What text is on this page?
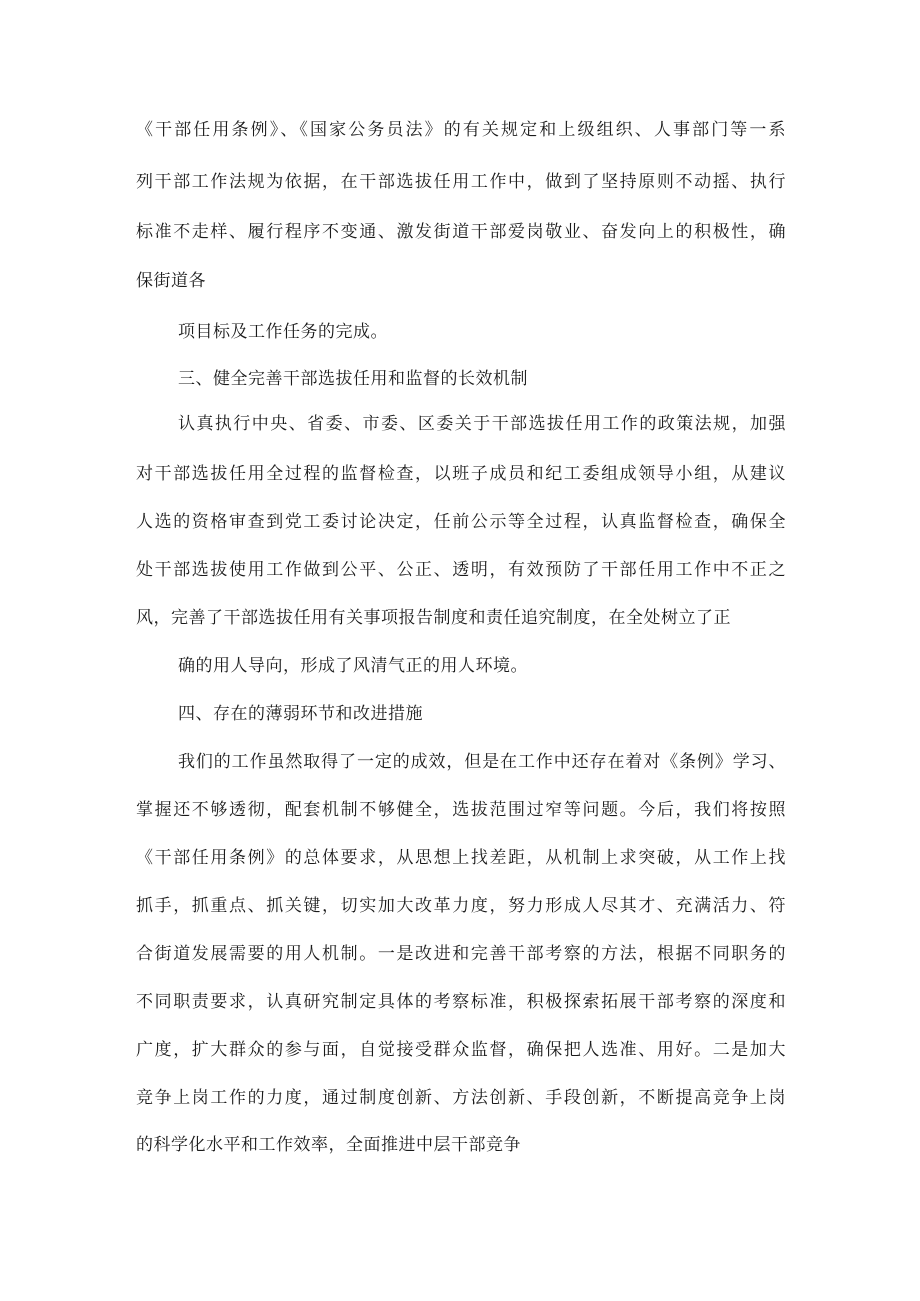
《干部任用条例》、《国家公务员法》的有关规定和上级组织、人事部门等一系
列干部工作法规为依据，在干部选拔任用工作中，做到了坚持原则不动摇、执行
标准不走样、履行程序不变通、激发街道干部爱岗敬业、奋发向上的积极性，确
保街道各
项目标及工作任务的完成。
三、健全完善干部选拔任用和监督的长效机制
认真执行中央、省委、市委、区委关于干部选拔任用工作的政策法规，加强
对干部选拔任用全过程的监督检查，以班子成员和纪工委组成领导小组，从建议
人选的资格审查到党工委讨论决定，任前公示等全过程，认真监督检查，确保全
处干部选拔使用工作做到公平、公正、透明，有效预防了干部任用工作中不正之
风，完善了干部选拔任用有关事项报告制度和责任追究制度，在全处树立了正
确的用人导向，形成了风清气正的用人环境。
四、存在的薄弱环节和改进措施
我们的工作虽然取得了一定的成效，但是在工作中还存在着对《条例》学习、
掌握还不够透彻，配套机制不够健全，选拔范围过窄等问题。今后，我们将按照
《干部任用条例》的总体要求，从思想上找差距，从机制上求突破，从工作上找
抓手，抓重点、抓关键，切实加大改革力度，努力形成人尽其才、充满活力、符
合街道发展需要的用人机制。一是改进和完善干部考察的方法，根据不同职务的
不同职责要求，认真研究制定具体的考察标准，积极探索拓展干部考察的深度和
广度，扩大群众的参与面，自觉接受群众监督，确保把人选准、用好。二是加大
竞争上岗工作的力度，通过制度创新、方法创新、手段创新，不断提高竞争上岗
的科学化水平和工作效率，全面推进中层干部竞争
